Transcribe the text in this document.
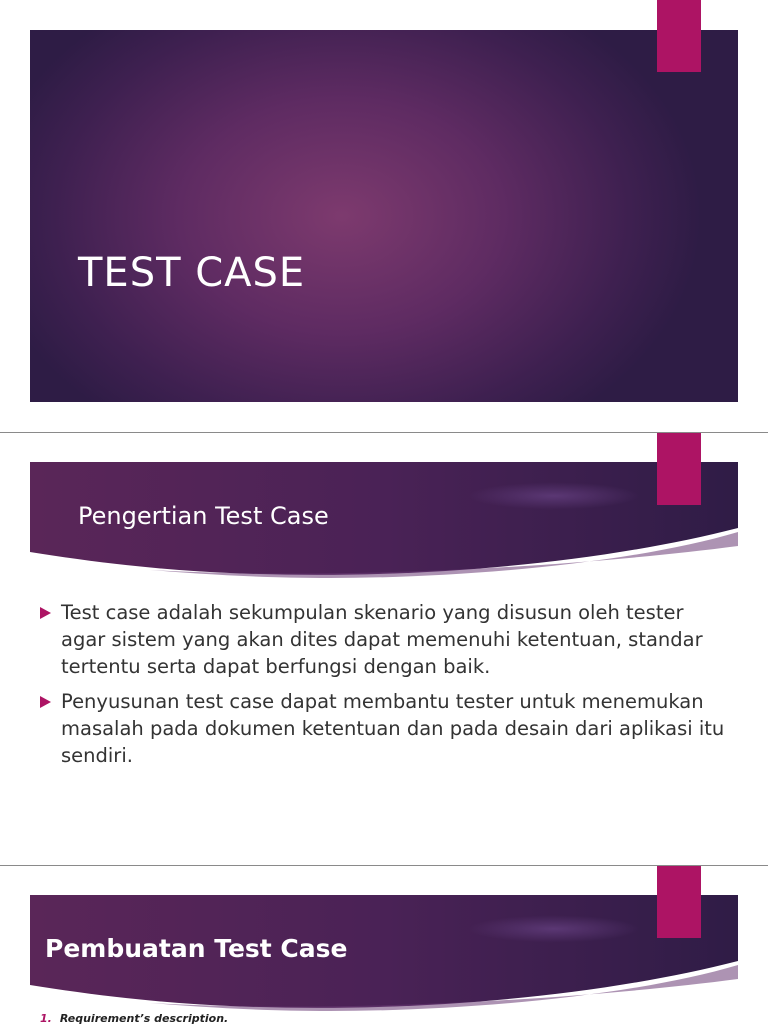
TEST CASE
Pengertian Test Case
Test case adalah sekumpulan skenario yang disusun oleh tester agar sistem yang akan dites dapat memenuhi ketentuan, standar tertentu serta dapat berfungsi dengan baik.
Penyusunan test case dapat membantu tester untuk menemukan masalah pada dokumen ketentuan dan pada desain dari aplikasi itu sendiri.
Pembuatan Test Case

1. Requirement’s description.
